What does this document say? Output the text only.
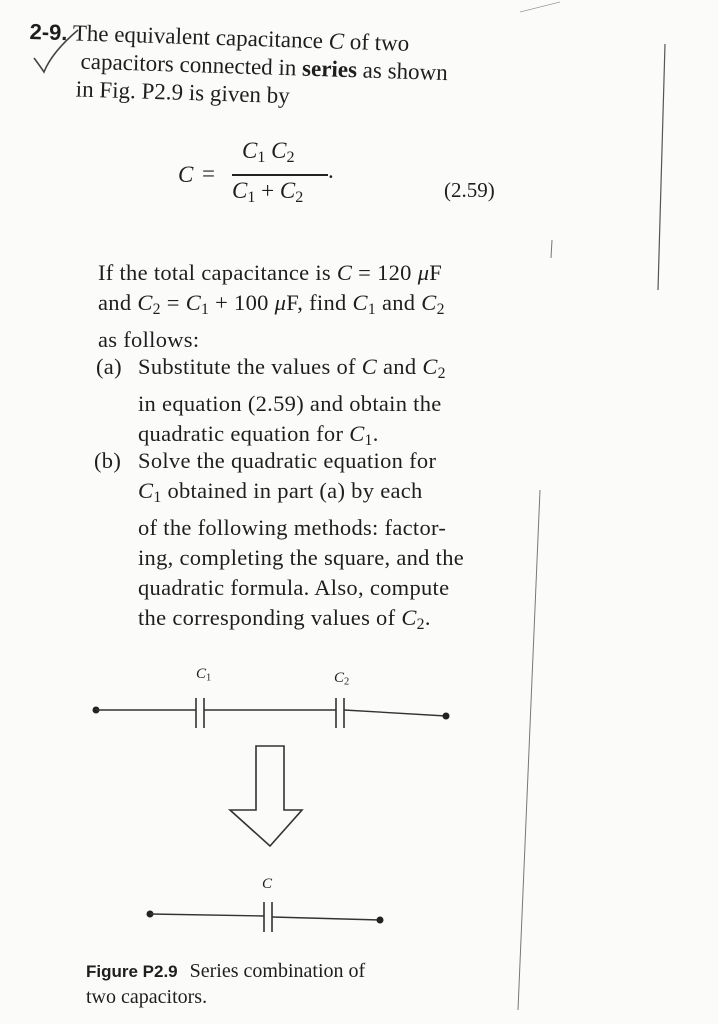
2-9. The equivalent capacitance C of two
capacitors connected in series as shown
in Fig. P2.9 is given by
C =
$C_1$ $C_2$
$C_1 + C_2$
.
(2.59)
If the total capacitance is C = 120 μF
and $C_2 = C_1 + 100$ μF, find $C_1$ and $C_2$
as follows:
(a) Substitute the values of C and $C_2$
in equation (2.59) and obtain the
quadratic equation for $C_1$.
(b) Solve the quadratic equation for
$C_1$ obtained in part (a) by each
of the following methods: factor-
ing, completing the square, and the
quadratic formula. Also, compute
the corresponding values of $C_2$.
$C_1$	$C_2$
C
Figure P2.9 Series combination of
two capacitors.
